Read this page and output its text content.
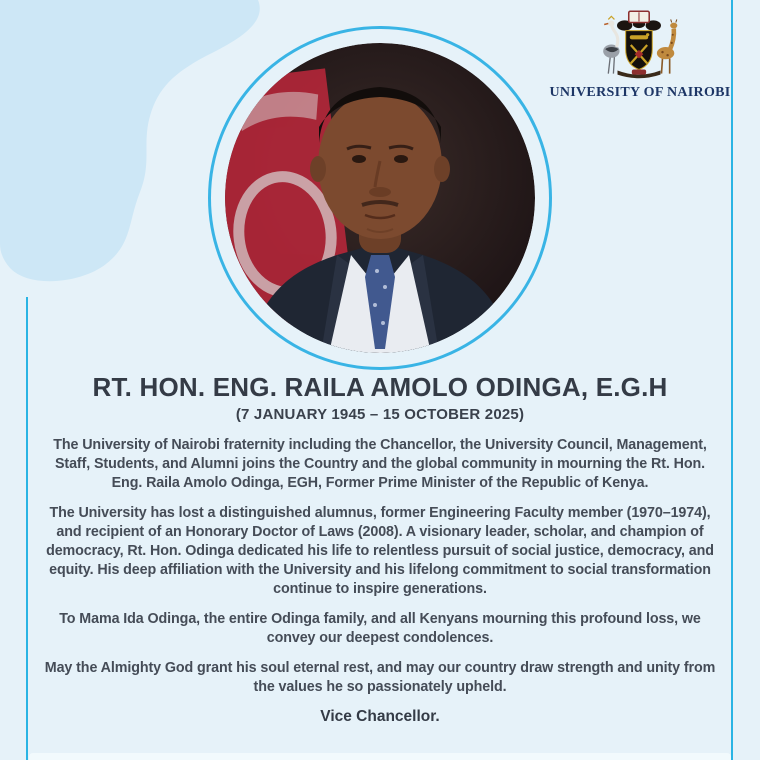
UNIVERSITY OF NAIROBI
RT. HON. ENG. RAILA AMOLO ODINGA, E.G.H
(7 JANUARY 1945 – 15 OCTOBER 2025)

The University of Nairobi fraternity including the Chancellor, the University Council, Management, Staff, Students, and Alumni joins the Country and the global community in mourning the Rt. Hon. Eng. Raila Amolo Odinga, EGH, Former Prime Minister of the Republic of Kenya.

The University has lost a distinguished alumnus, former Engineering Faculty member (1970–1974), and recipient of an Honorary Doctor of Laws (2008). A visionary leader, scholar, and champion of democracy, Rt. Hon. Odinga dedicated his life to relentless pursuit of social justice, democracy, and equity. His deep affiliation with the University and his lifelong commitment to social transformation continue to inspire generations.

To Mama Ida Odinga, the entire Odinga family, and all Kenyans mourning this profound loss, we convey our deepest condolences.

May the Almighty God grant his soul eternal rest, and may our country draw strength and unity from the values he so passionately upheld.

Vice Chancellor.
